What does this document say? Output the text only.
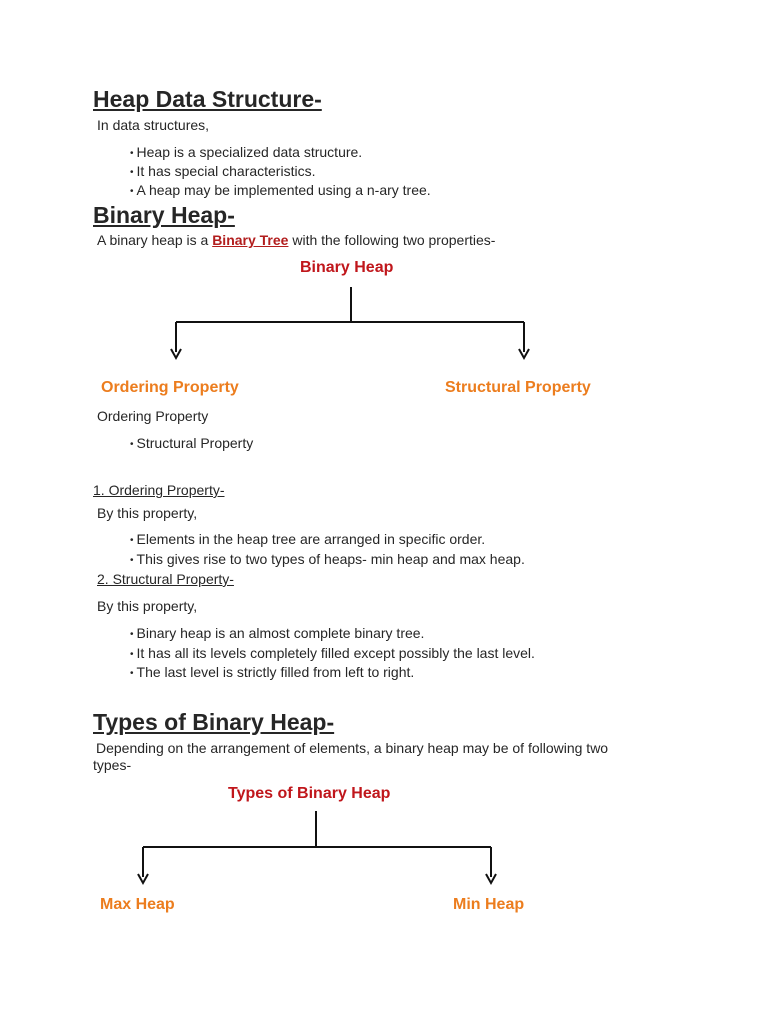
Heap Data Structure-
In data structures,
• Heap is a specialized data structure.
• It has special characteristics.
• A heap may be implemented using a n-ary tree.
Binary Heap-
A binary heap is a Binary Tree with the following two properties-
Binary Heap
Ordering Property	Structural Property
Ordering Property
• Structural Property
1. Ordering Property-
By this property,
• Elements in the heap tree are arranged in specific order.
• This gives rise to two types of heaps- min heap and max heap.
2. Structural Property-
By this property,
• Binary heap is an almost complete binary tree.
• It has all its levels completely filled except possibly the last level.
• The last level is strictly filled from left to right.
Types of Binary Heap-
Depending on the arrangement of elements, a binary heap may be of following two
types-
Types of Binary Heap
Max Heap	Min Heap
